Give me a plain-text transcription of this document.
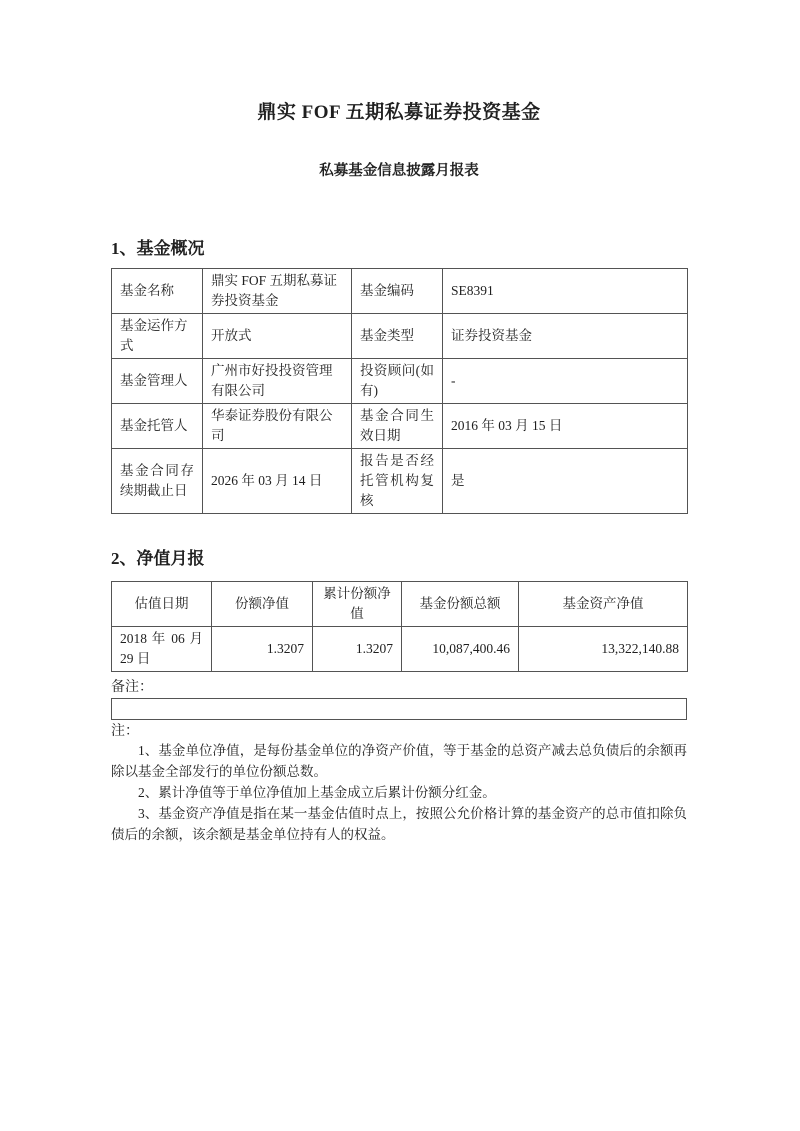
鼎实 FOF 五期私募证券投资基金
私募基金信息披露月报表
1、基金概况
基金名称	鼎实 FOF 五期私募证券投资基金	基金编码	SE8391
基金运作方式	开放式	基金类型	证券投资基金
基金管理人	广州市好投投资管理有限公司	投资顾问(如有)	-
基金托管人	华泰证券股份有限公司	基金合同生效日期	2016 年 03 月 15 日
基金合同存续期截止日	2026 年 03 月 14 日	报告是否经托管机构复核	是
2、净值月报
估值日期	份额净值	累计份额净值	基金份额总额	基金资产净值
2018 年 06 月 29 日	1.3207	1.3207	10,087,400.46	13,322,140.88
备注：
注：

1、基金单位净值，是每份基金单位的净资产价值，等于基金的总资产减去总负债后的余额再除以基金全部发行的单位份额总数。

2、累计净值等于单位净值加上基金成立后累计份额分红金。

3、基金资产净值是指在某一基金估值时点上，按照公允价格计算的基金资产的总市值扣除负债后的余额，该余额是基金单位持有人的权益。
